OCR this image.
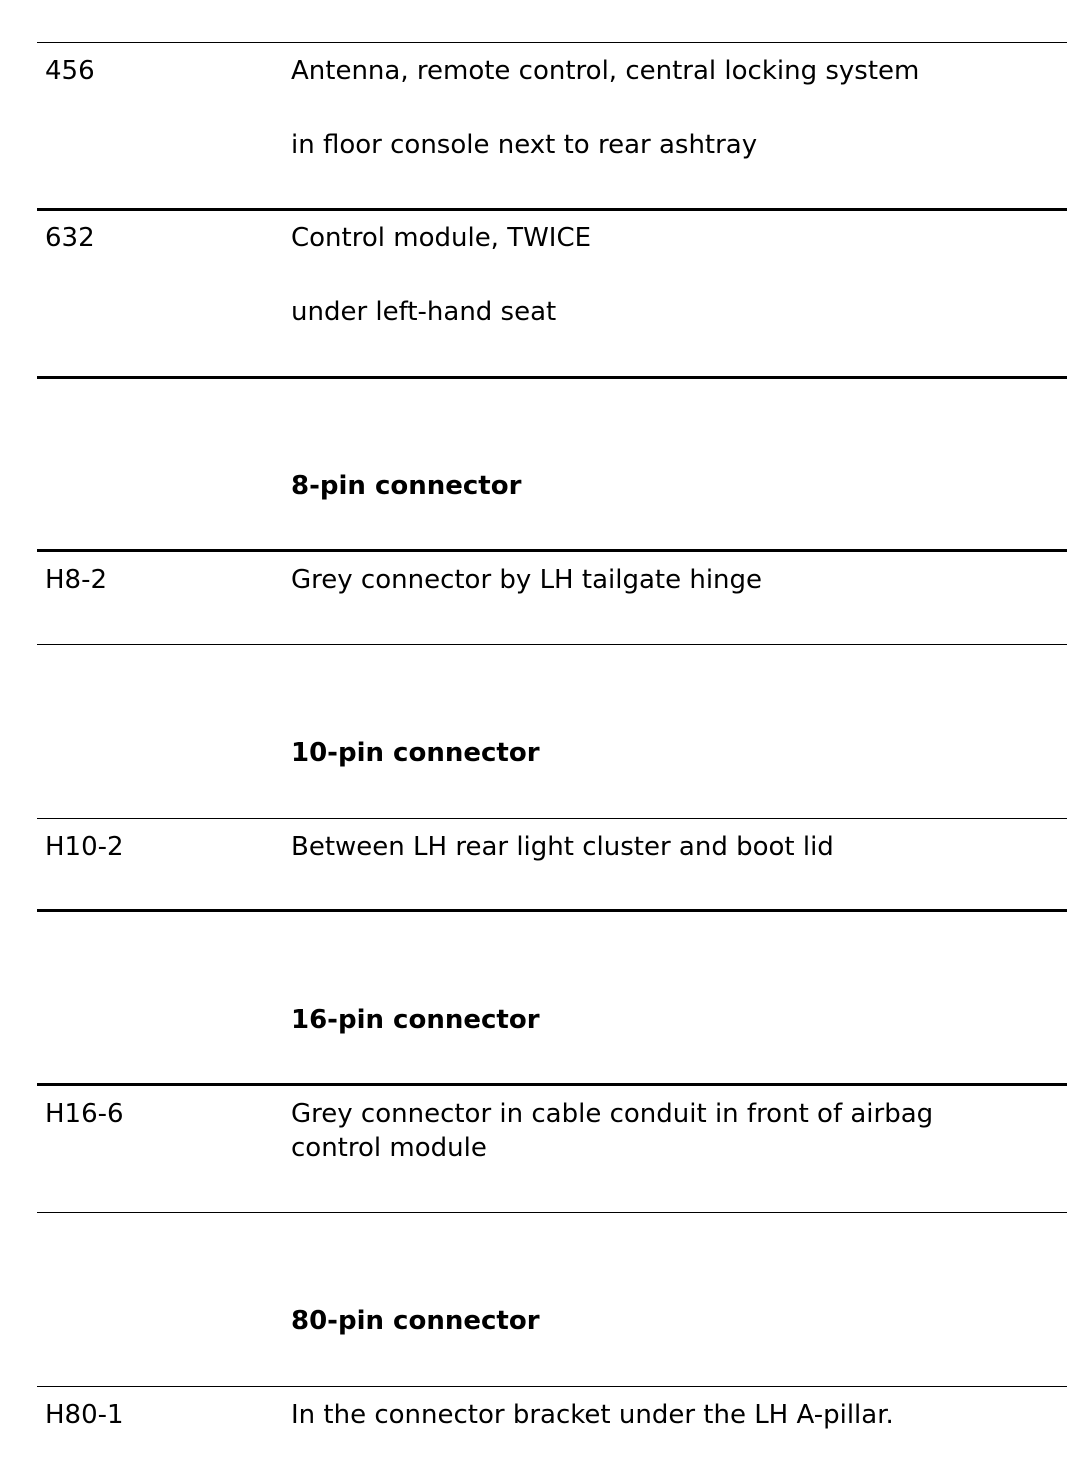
456	Antenna, remote control, central locking system
in floor console next to rear ashtray
632	Control module, TWICE
under left-hand seat
8-pin connector
H8-2	Grey connector by LH tailgate hinge
10-pin connector
H10-2	Between LH rear light cluster and boot lid
16-pin connector
H16-6	Grey connector in cable conduit in front of airbag control module
80-pin connector
H80-1	In the connector bracket under the LH A-pillar.
